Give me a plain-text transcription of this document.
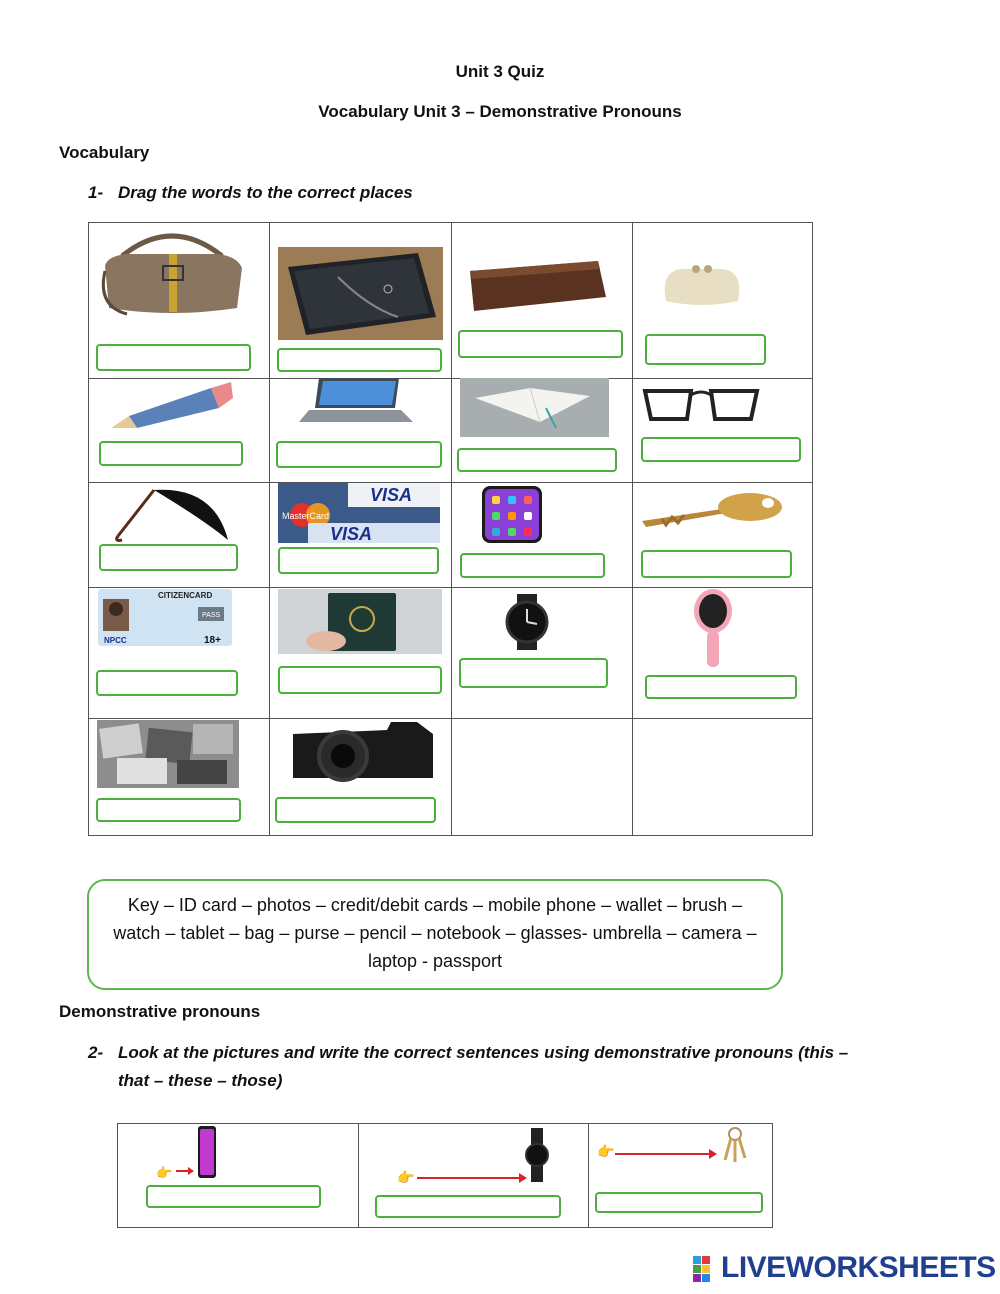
Unit 3 Quiz
Vocabulary Unit 3 – Demonstrative Pronouns
Vocabulary
1- Drag the words to the correct places
VISA
MasterCard
VISA
CITIZENCARD
PASS
18+
NPCC
Key – ID card – photos – credit/debit cards – mobile phone – wallet – brush –
watch – tablet – bag – purse – pencil – notebook – glasses- umbrella – camera –
laptop - passport
Demonstrative pronouns
2- Look at the pictures and write the correct sentences using demonstrative pronouns (this –
that – these – those)
👉	👉
👉
LIVEWORKSHEETS
